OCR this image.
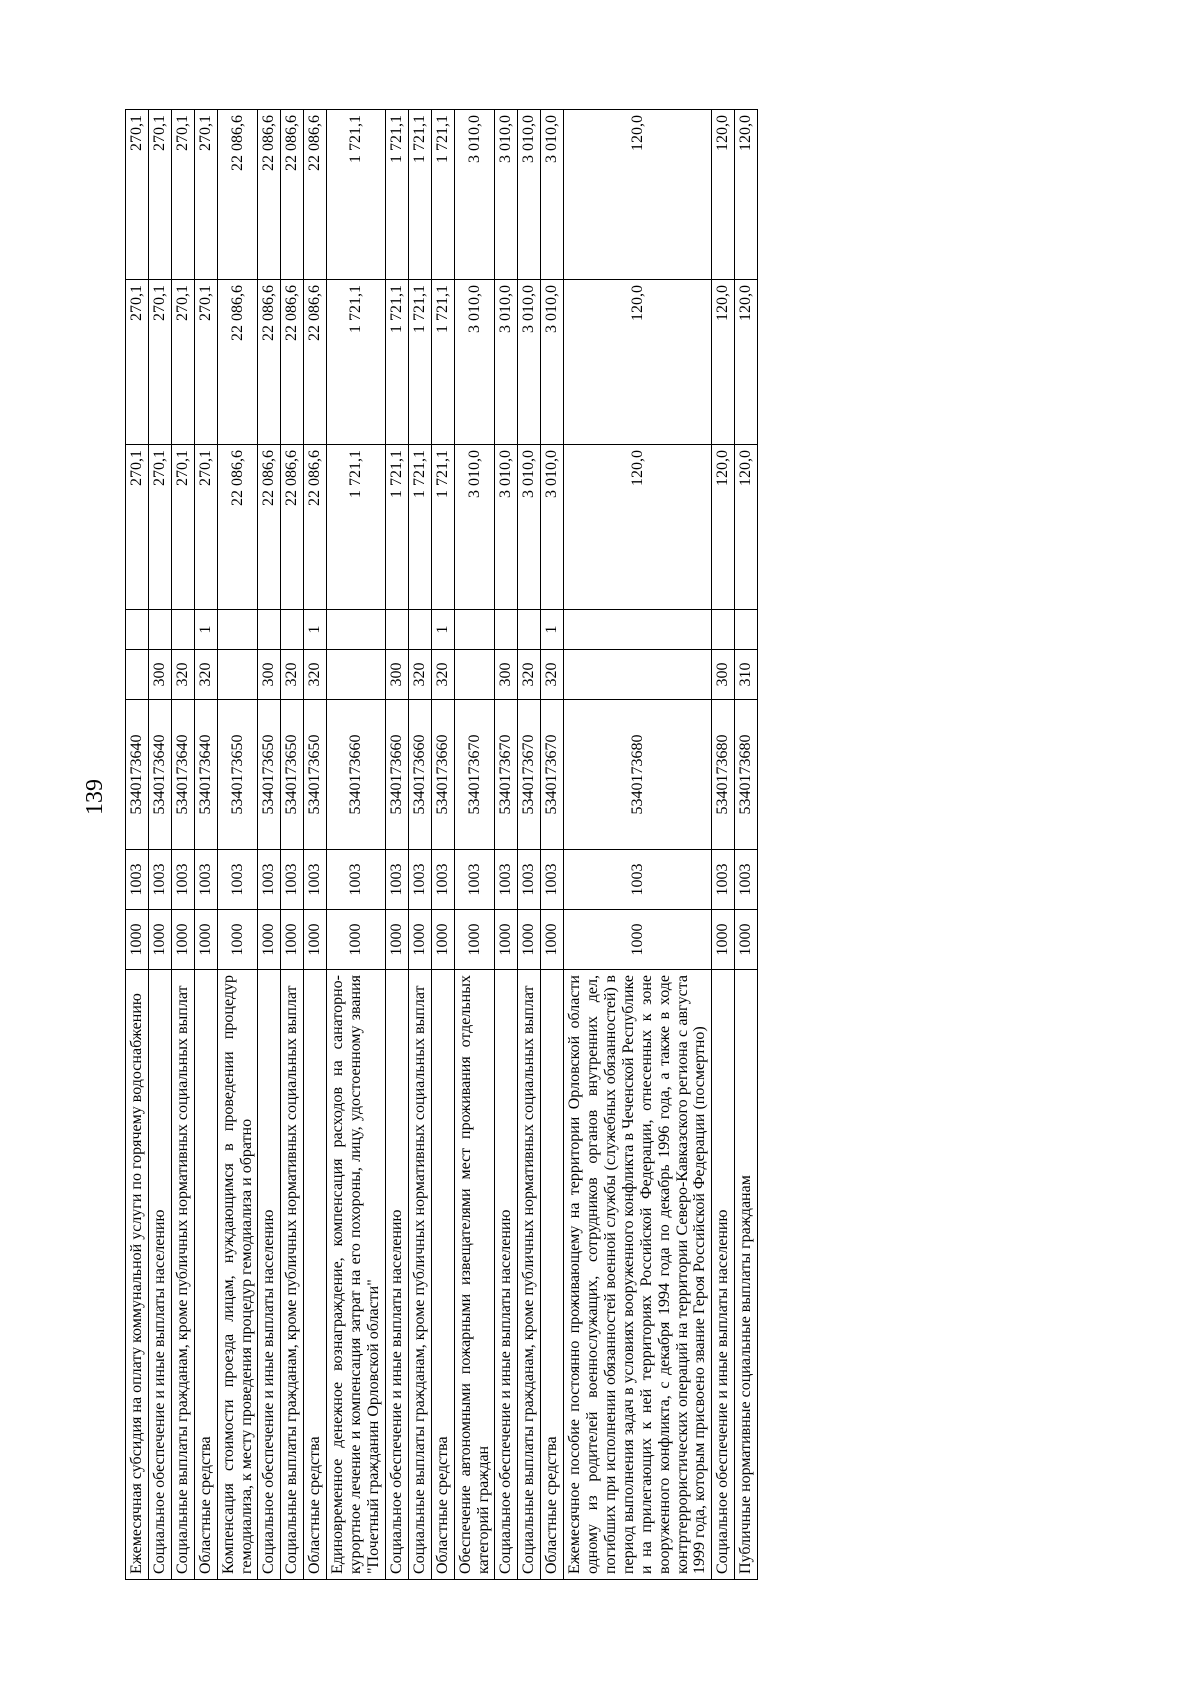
139
Ежемесячная субсидия на оплату коммунальной услуги по горячему водоснабжению	1000	1003	5340173640			270,1	270,1	270,1
Социальное обеспечение и иные выплаты населению	1000	1003	5340173640	300		270,1	270,1	270,1
Социальные выплаты гражданам, кроме публичных нормативных социальных выплат	1000	1003	5340173640	320		270,1	270,1	270,1
Областные средства	1000	1003	5340173640	320	1	270,1	270,1	270,1
Компенсация стоимости проезда лицам, нуждающимся в проведении процедур гемодиализа, к месту проведения процедур гемодиализа и обратно	1000	1003	5340173650			22 086,6	22 086,6	22 086,6
Социальное обеспечение и иные выплаты населению	1000	1003	5340173650	300		22 086,6	22 086,6	22 086,6
Социальные выплаты гражданам, кроме публичных нормативных социальных выплат	1000	1003	5340173650	320		22 086,6	22 086,6	22 086,6
Областные средства	1000	1003	5340173650	320	1	22 086,6	22 086,6	22 086,6
Единовременное денежное вознаграждение, компенсация расходов на санаторно-курортное лечение и компенсация затрат на его похороны, лицу, удостоенному звания "Почетный гражданин Орловской области"	1000	1003	5340173660			1 721,1	1 721,1	1 721,1
Социальное обеспечение и иные выплаты населению	1000	1003	5340173660	300		1 721,1	1 721,1	1 721,1
Социальные выплаты гражданам, кроме публичных нормативных социальных выплат	1000	1003	5340173660	320		1 721,1	1 721,1	1 721,1
Областные средства	1000	1003	5340173660	320	1	1 721,1	1 721,1	1 721,1
Обеспечение автономными пожарными извещателями мест проживания отдельных категорий граждан	1000	1003	5340173670			3 010,0	3 010,0	3 010,0
Социальное обеспечение и иные выплаты населению	1000	1003	5340173670	300		3 010,0	3 010,0	3 010,0
Социальные выплаты гражданам, кроме публичных нормативных социальных выплат	1000	1003	5340173670	320		3 010,0	3 010,0	3 010,0
Областные средства	1000	1003	5340173670	320	1	3 010,0	3 010,0	3 010,0
Ежемесячное пособие постоянно проживающему на территории Орловской области одному из родителей военнослужащих, сотрудников органов внутренних дел, погибших при исполнении обязанностей военной службы (служебных обязанностей) в период выполнения задач в условиях вооруженного конфликта в Чеченской Республике и на прилегающих к ней территориях Российской Федерации, отнесенных к зоне вооруженного конфликта, с декабря 1994 года по декабрь 1996 года, а также в ходе контртеррористических операций на территории Северо-Кавказского региона с августа 1999 года, которым присвоено звание Героя Российской Федерации (посмертно)	1000	1003	5340173680			120,0	120,0	120,0
Социальное обеспечение и иные выплаты населению	1000	1003	5340173680	300		120,0	120,0	120,0
Публичные нормативные социальные выплаты гражданам	1000	1003	5340173680	310		120,0	120,0	120,0
